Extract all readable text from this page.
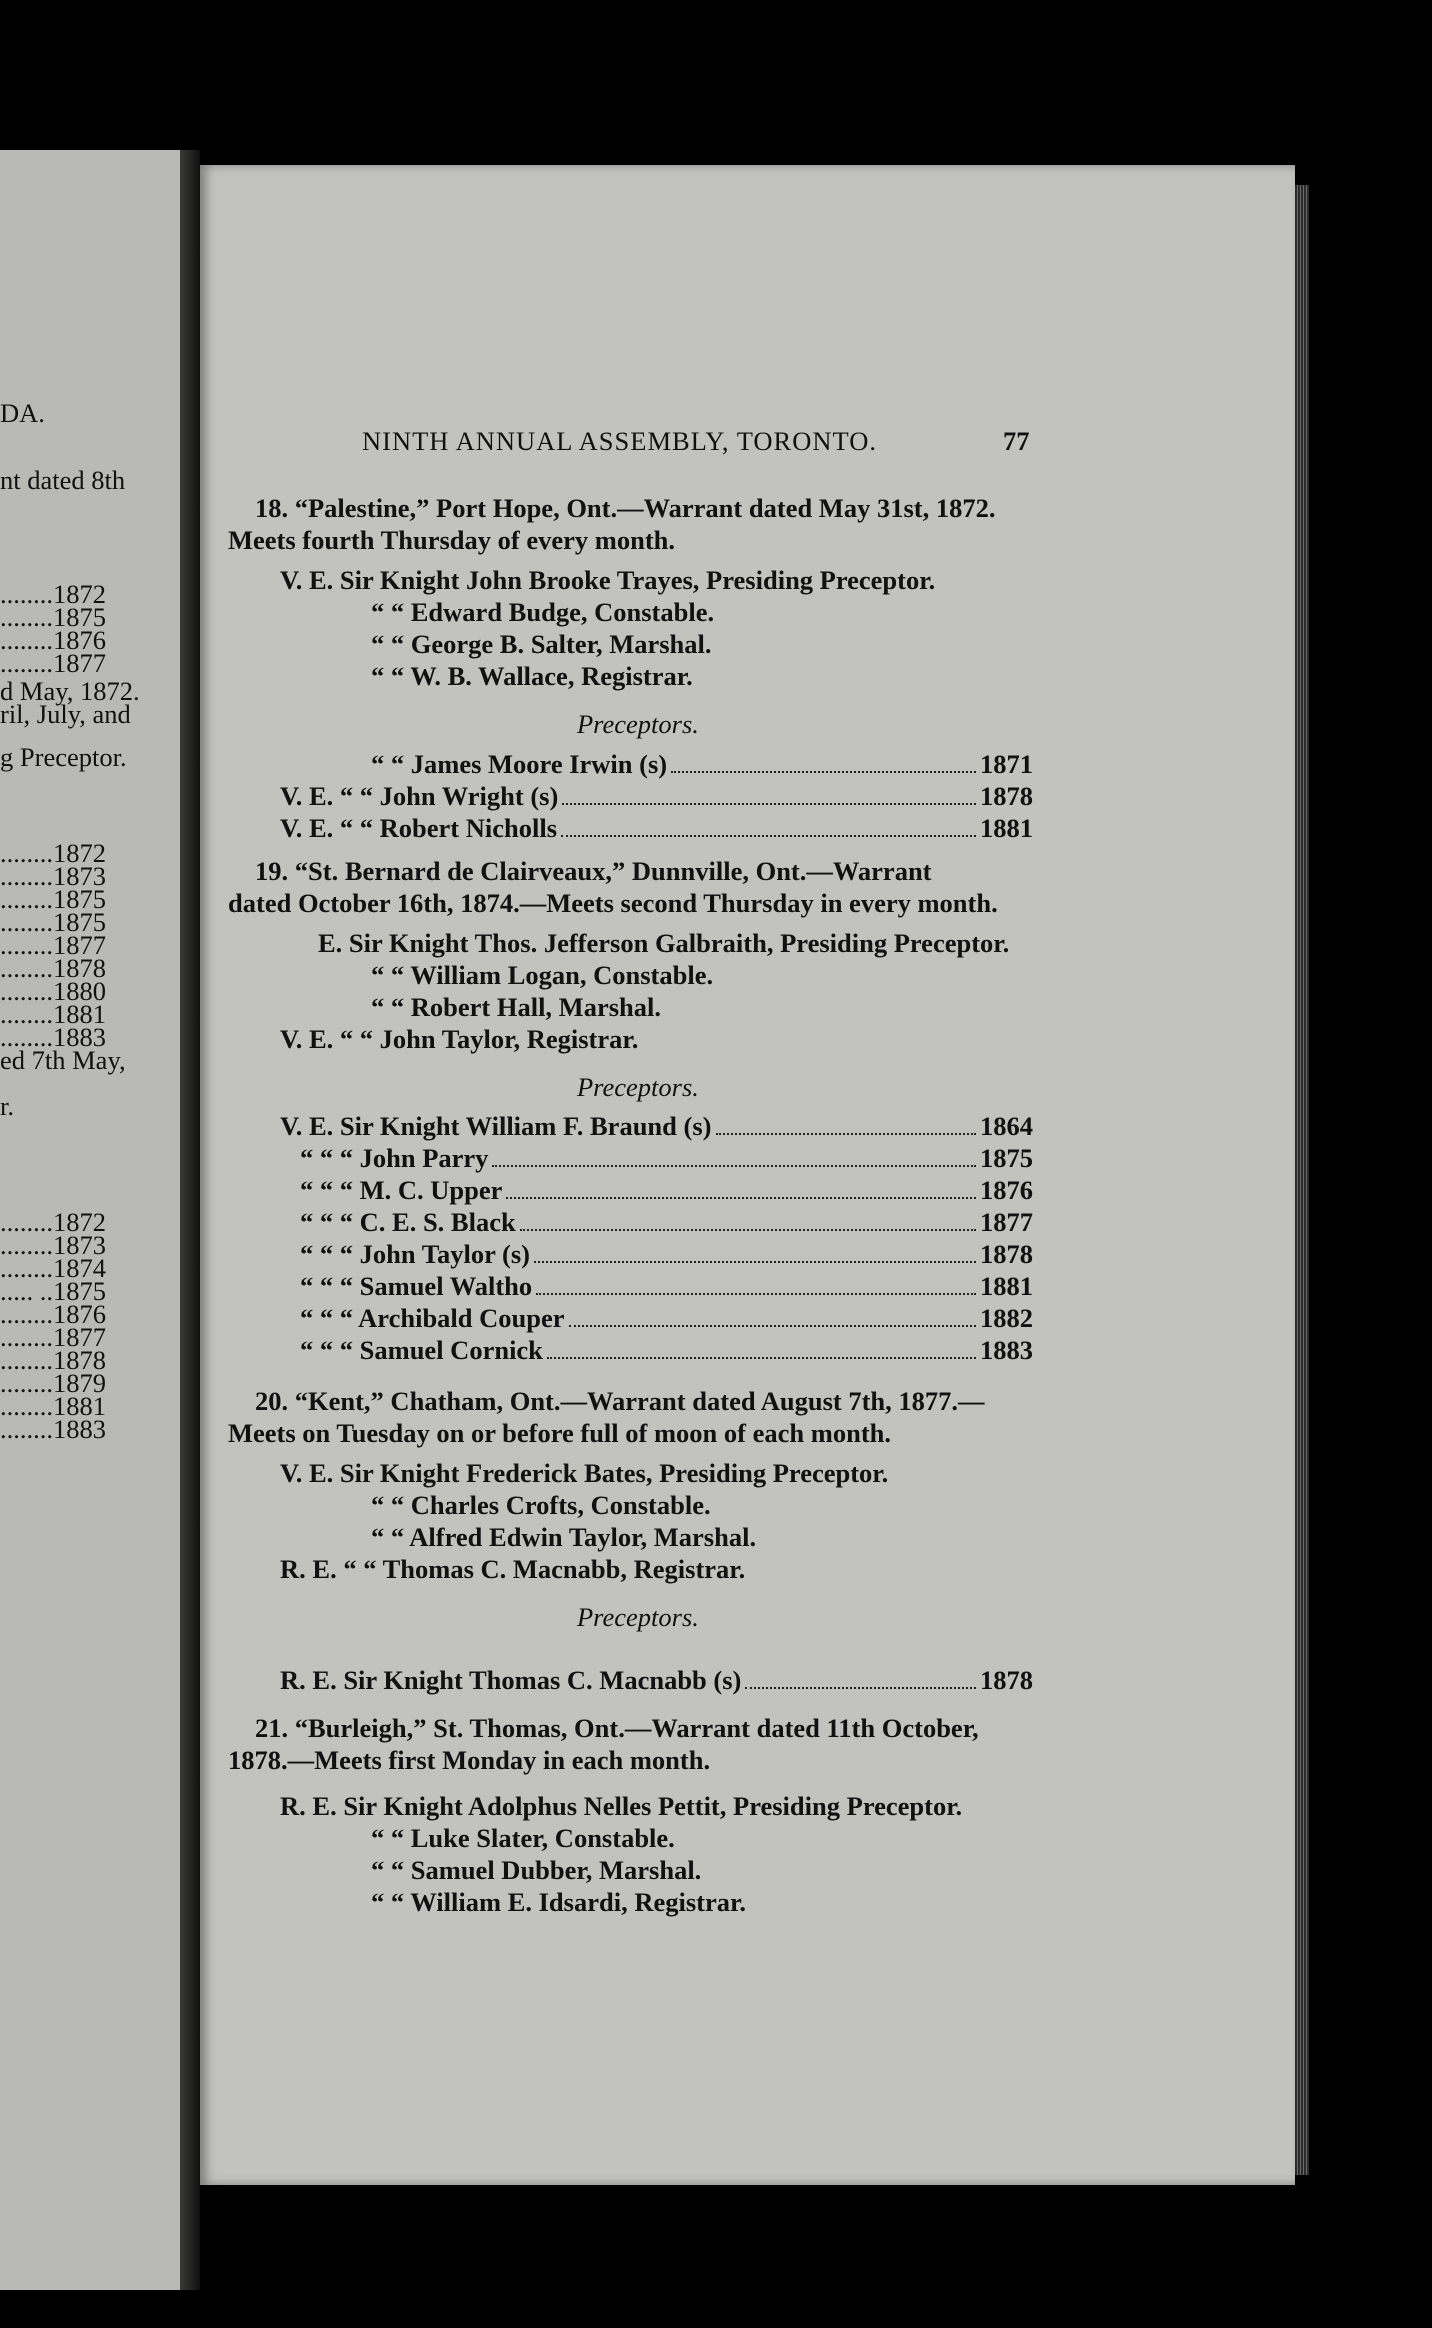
DA.
nt dated 8th
........1872
........1875
........1876
........1877
d May, 1872.
ril, July, and
g Preceptor.
........1872
........1873
........1875
........1875
........1877
........1878
........1880
........1881
........1883
ed 7th May,
r.
........1872
........1873
........1874
..... ..1875
........1876
........1877
........1878
........1879
........1881
........1883
NINTH ANNUAL ASSEMBLY, TORONTO.	77
18. “Palestine,” Port Hope, Ont.—Warrant dated May 31st, 1872.
Meets fourth Thursday of every month.
V. E. Sir Knight John Brooke Trayes, Presiding Preceptor.
“ “ Edward Budge, Constable.
“ “ George B. Salter, Marshal.
“ “ W. B. Wallace, Registrar.
Preceptors.
“ “ James Moore Irwin (s)	1871
V. E. “ “ John Wright (s)	1878
V. E. “ “ Robert Nicholls	1881
19. “St. Bernard de Clairveaux,” Dunnville, Ont.—Warrant
dated October 16th, 1874.—Meets second Thursday in every month.
E. Sir Knight Thos. Jefferson Galbraith, Presiding Preceptor.
“ “ William Logan, Constable.
“ “ Robert Hall, Marshal.
V. E. “ “ John Taylor, Registrar.
Preceptors.
V. E. Sir Knight William F. Braund (s)	1864
“ “ “ John Parry	1875
“ “ “ M. C. Upper	1876
“ “ “ C. E. S. Black	1877
“ “ “ John Taylor (s)	1878
“ “ “ Samuel Waltho	1881
“ “ “ Archibald Couper	1882
“ “ “ Samuel Cornick	1883
20. “Kent,” Chatham, Ont.—Warrant dated August 7th, 1877.—
Meets on Tuesday on or before full of moon of each month.
V. E. Sir Knight Frederick Bates, Presiding Preceptor.
“ “ Charles Crofts, Constable.
“ “ Alfred Edwin Taylor, Marshal.
R. E. “ “ Thomas C. Macnabb, Registrar.
Preceptors.
R. E. Sir Knight Thomas C. Macnabb (s)	1878
21. “Burleigh,” St. Thomas, Ont.—Warrant dated 11th October,
1878.—Meets first Monday in each month.
R. E. Sir Knight Adolphus Nelles Pettit, Presiding Preceptor.
“ “ Luke Slater, Constable.
“ “ Samuel Dubber, Marshal.
“ “ William E. Idsardi, Registrar.
